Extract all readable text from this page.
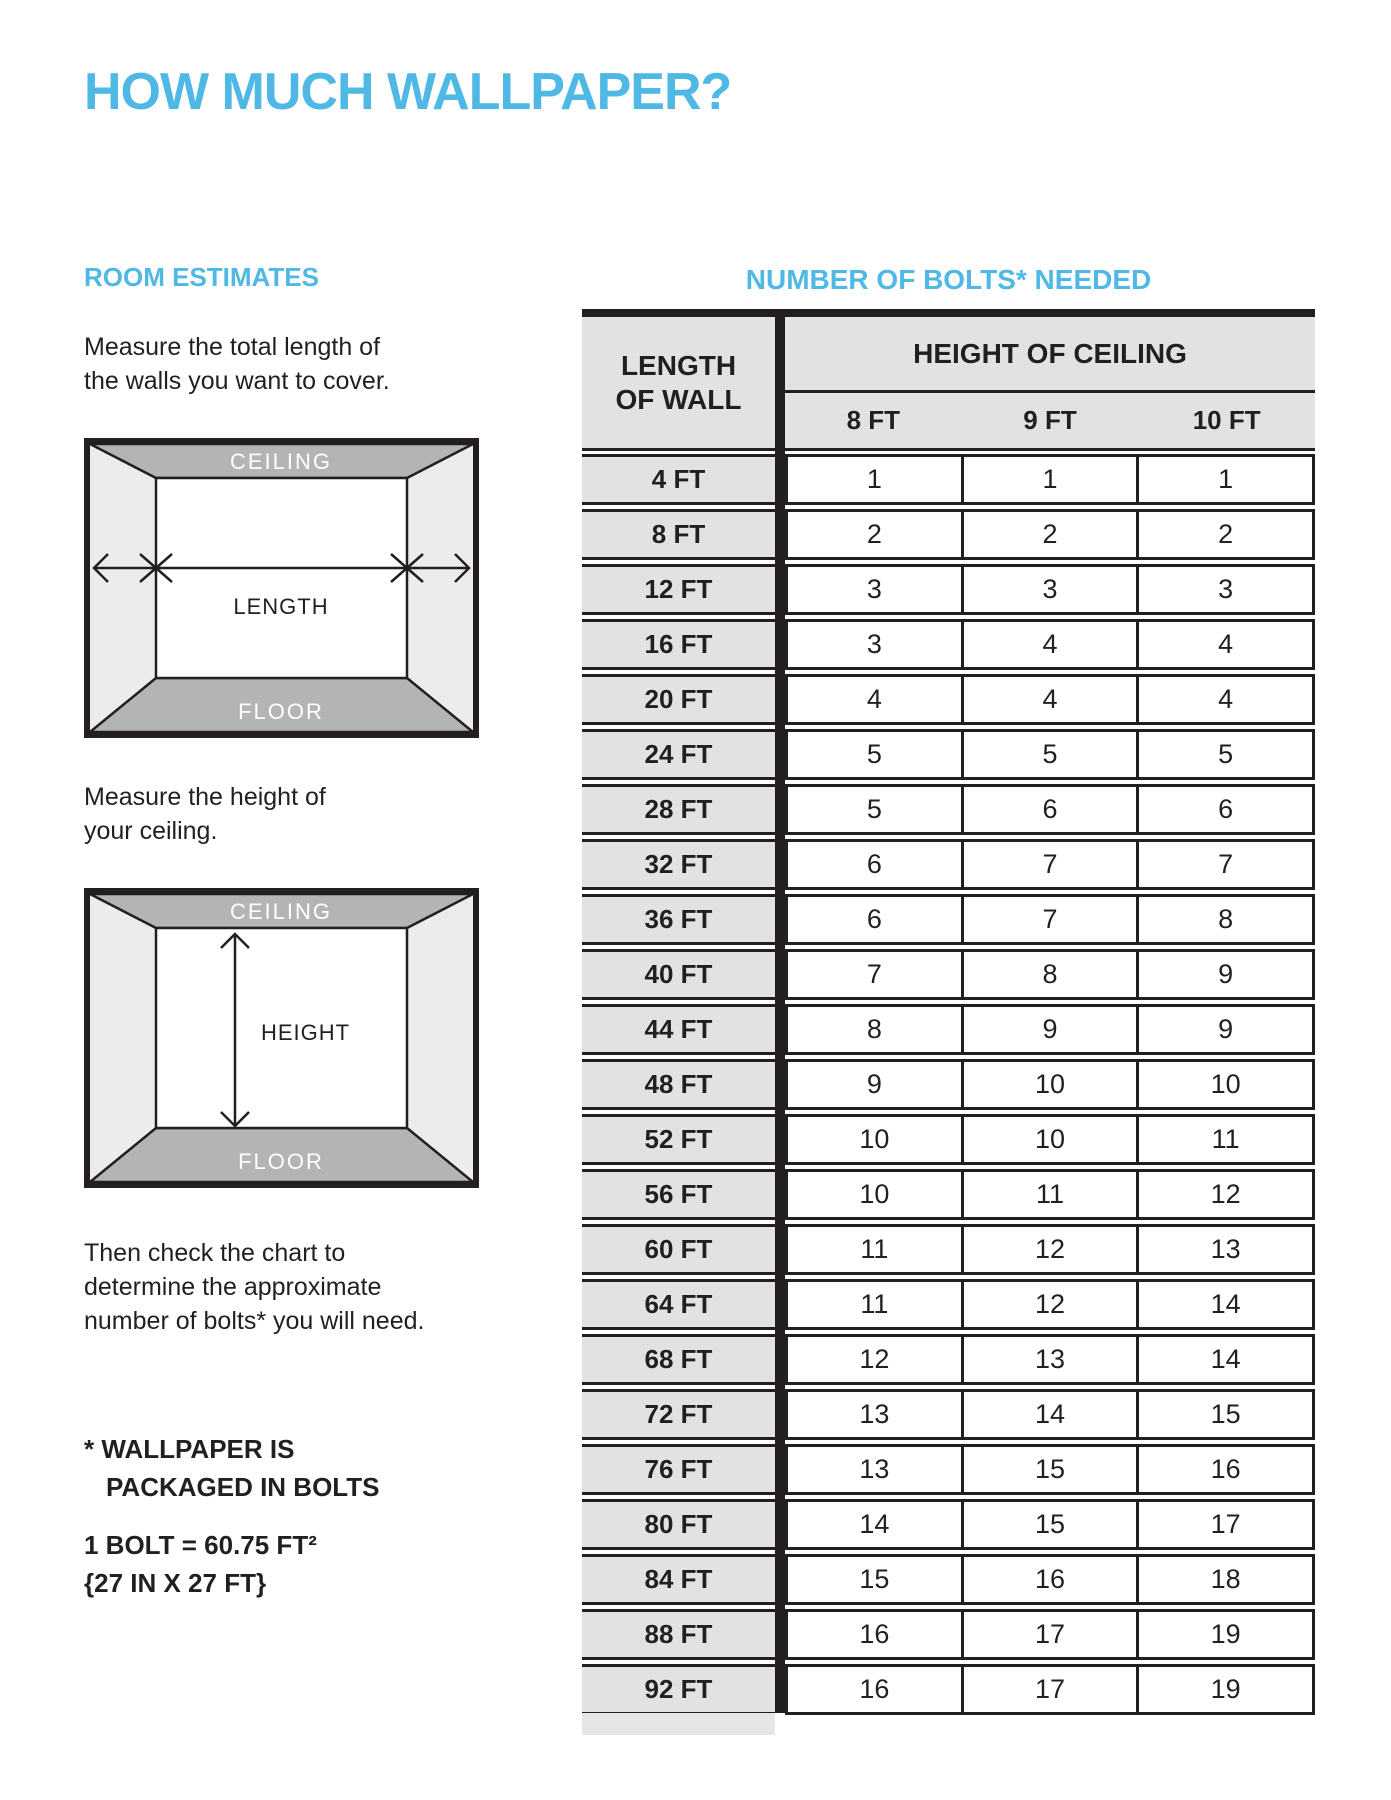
HOW MUCH WALLPAPER?
ROOM ESTIMATES

Measure the total length of
the walls you want to cover.

CEILING
LENGTH
FLOOR

Measure the height of
your ceiling.

CEILING
HEIGHT
FLOOR

Then check the chart to
determine the approximate
number of bolts* you will need.

* WALLPAPER IS
PACKAGED IN BOLTS

1 BOLT = 60.75 FT²
{27 IN X 27 FT}

NUMBER OF BOLTS* NEEDED
LENGTH
OF WALL
HEIGHT OF CEILING
8 FT	9 FT	10 FT
4 FT	1	1	1
8 FT	2	2	2
12 FT	3	3	3
16 FT	3	4	4
20 FT	4	4	4
24 FT	5	5	5
28 FT	5	6	6
32 FT	6	7	7
36 FT	6	7	8
40 FT	7	8	9
44 FT	8	9	9
48 FT	9	10	10
52 FT	10	10	11
56 FT	10	11	12
60 FT	11	12	13
64 FT	11	12	14
68 FT	12	13	14
72 FT	13	14	15
76 FT	13	15	16
80 FT	14	15	17
84 FT	15	16	18
88 FT	16	17	19
92 FT	16	17	19
